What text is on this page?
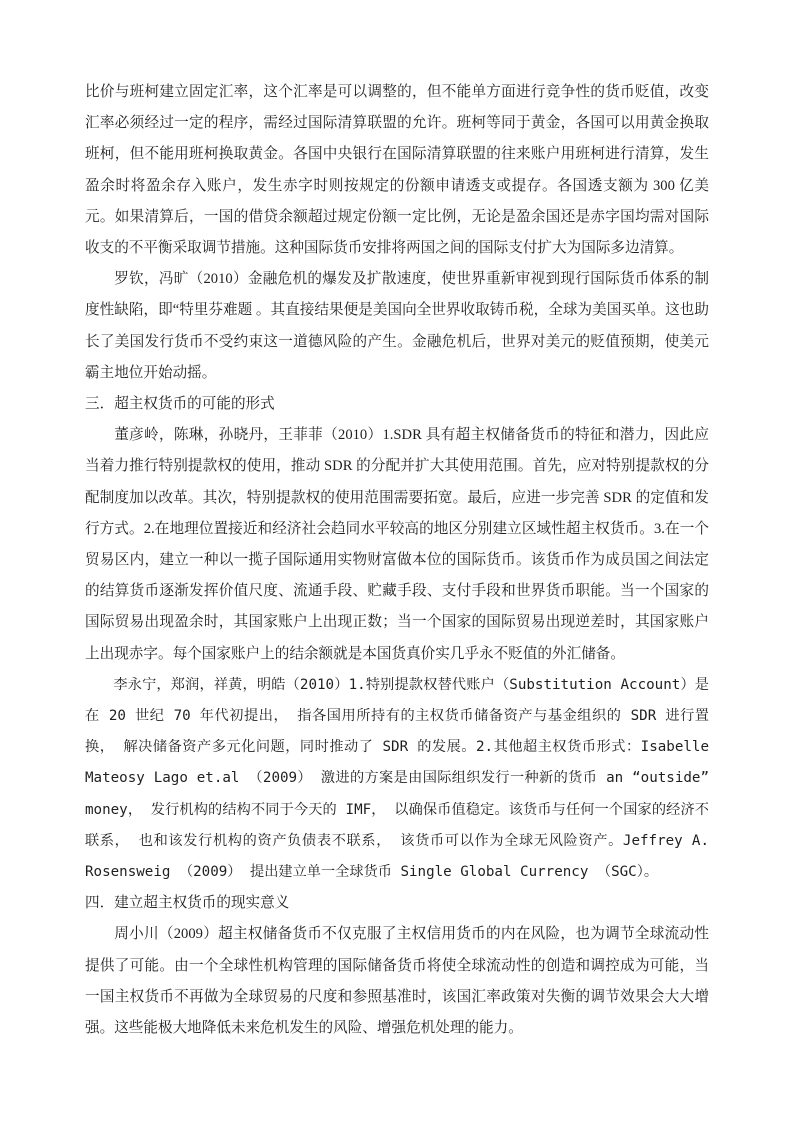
比价与班柯建立固定汇率，这个汇率是可以调整的，但不能单方面进行竞争性的货币贬值，改变汇率必须经过一定的程序，需经过国际清算联盟的允许。班柯等同于黄金，各国可以用黄金换取班柯，但不能用班柯换取黄金。各国中央银行在国际清算联盟的往来账户用班柯进行清算，发生盈余时将盈余存入账户，发生赤字时则按规定的份额申请透支或提存。各国透支额为 300 亿美元。如果清算后，一国的借贷余额超过规定份额一定比例，无论是盈余国还是赤字国均需对国际收支的不平衡采取调节措施。这种国际货币安排将两国之间的国际支付扩大为国际多边清算。

罗钦，冯旷（2010）金融危机的爆发及扩散速度，使世界重新审视到现行国际货币体系的制度性缺陷，即“特里芬难题 。其直接结果便是美国向全世界收取铸币税，全球为美国买单。这也助长了美国发行货币不受约束这一道德风险的产生。金融危机后，世界对美元的贬值预期，使美元霸主地位开始动摇。

三．超主权货币的可能的形式

董彦岭，陈琳，孙晓丹，王菲菲（2010）1.SDR 具有超主权储备货币的特征和潜力，因此应当着力推行特别提款权的使用，推动 SDR 的分配并扩大其使用范围。首先，应对特别提款权的分配制度加以改革。其次，特别提款权的使用范围需要拓宽。最后，应进一步完善 SDR 的定值和发行方式。2.在地理位置接近和经济社会趋同水平较高的地区分别建立区域性超主权货币。3.在一个贸易区内，建立一种以一揽子国际通用实物财富做本位的国际货币。该货币作为成员国之间法定的结算货币逐渐发挥价值尺度、流通手段、贮藏手段、支付手段和世界货币职能。当一个国家的国际贸易出现盈余时，其国家账户上出现正数；当一个国家的国际贸易出现逆差时，其国家账户上出现赤字。每个国家账户上的结余额就是本国货真价实几乎永不贬值的外汇储备。

李永宁，郑润，祥黄，明皓（2010）1.特别提款权替代账户（Substitution Account）是在 20 世纪 70 年代初提出， 指各国用所持有的主权货币储备资产与基金组织的 SDR 进行置换， 解决储备资产多元化问题，同时推动了 SDR 的发展。2.其他超主权货币形式：Isabelle Mateosy Lago et.al （2009） 激进的方案是由国际组织发行一种新的货币 an “outside” money， 发行机构的结构不同于今天的 IMF， 以确保币值稳定。该货币与任何一个国家的经济不联系， 也和该发行机构的资产负债表不联系， 该货币可以作为全球无风险资产。Jeffrey A. Rosensweig （2009） 提出建立单一全球货币 Single Global Currency （SGC）。

四．建立超主权货币的现实意义

周小川（2009）超主权储备货币不仅克服了主权信用货币的内在风险，也为调节全球流动性提供了可能。由一个全球性机构管理的国际储备货币将使全球流动性的创造和调控成为可能，当一国主权货币不再做为全球贸易的尺度和参照基准时，该国汇率政策对失衡的调节效果会大大增强。这些能极大地降低未来危机发生的风险、增强危机处理的能力。
